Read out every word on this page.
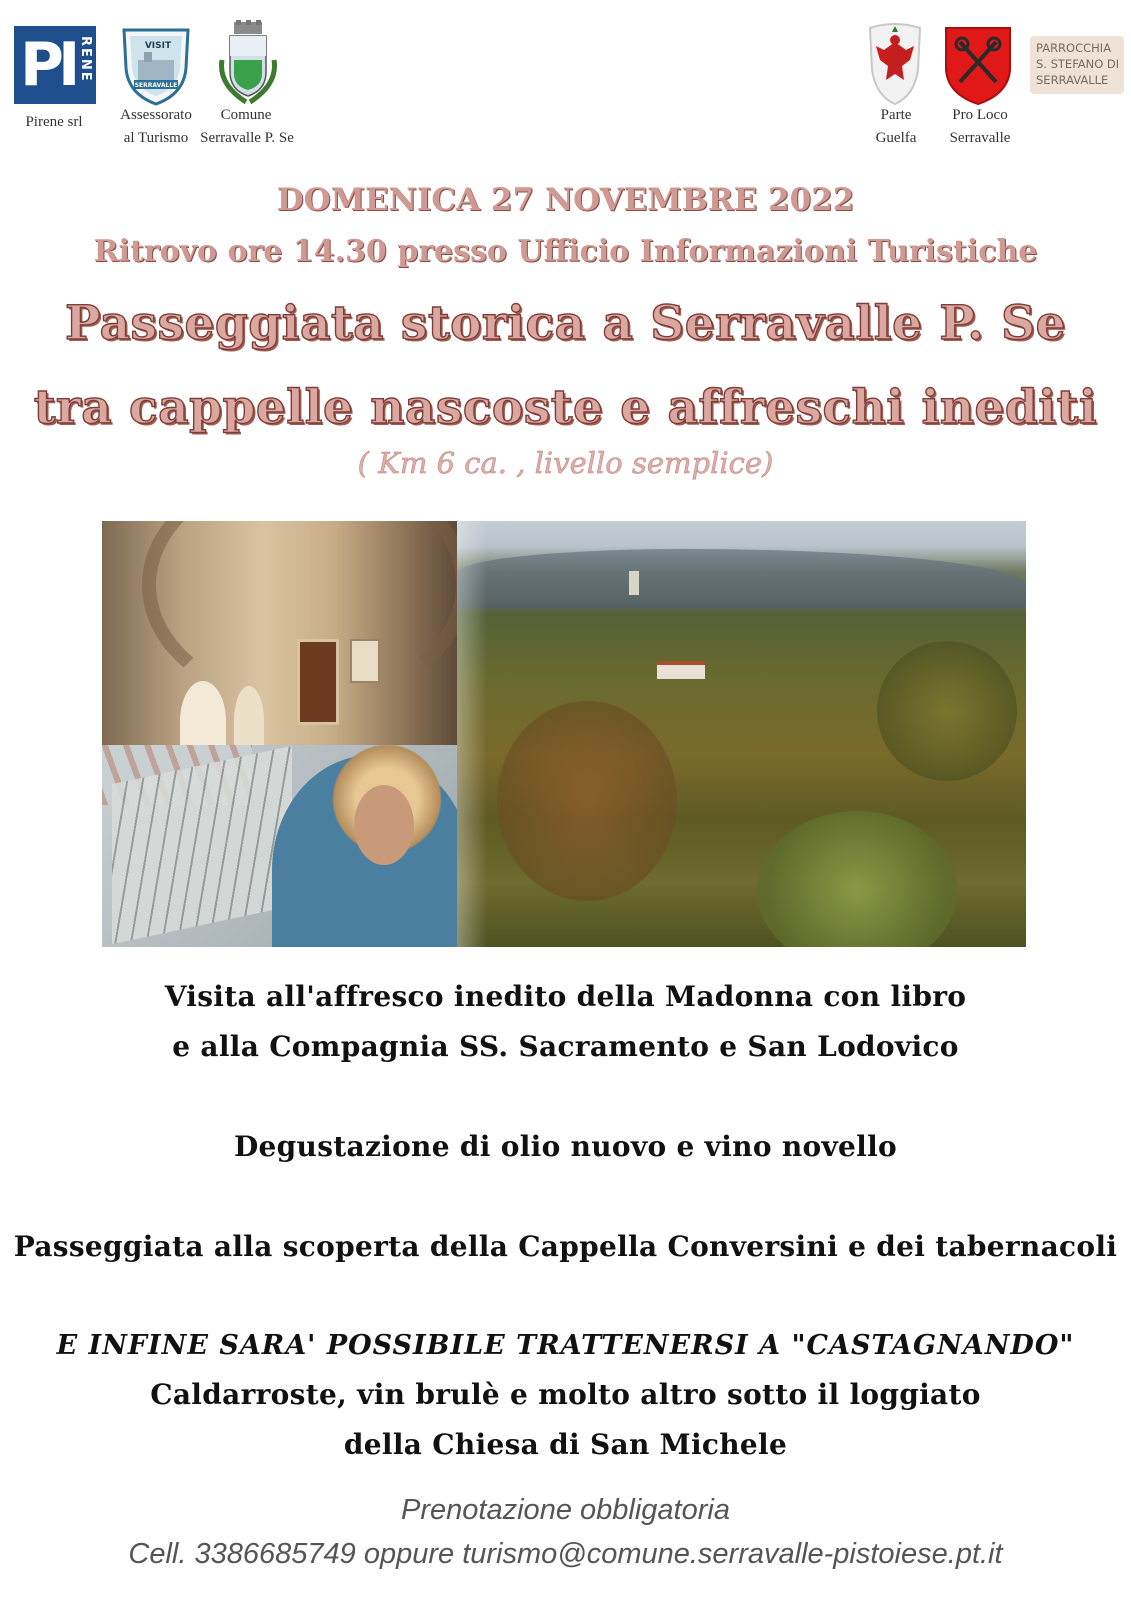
PI RENE
Pirene srl
VISIT
SERRAVALLE
Assessorato
al Turismo
Comune
Serravalle P. Se
Parte
Guelfa
Pro Loco
Serravalle
PARROCCHIA
S. STEFANO DI
SERRAVALLE
DOMENICA 27 NOVEMBRE 2022
Ritrovo ore 14.30 presso Ufficio Informazioni Turistiche
Passeggiata storica a Serravalle P. Se
tra cappelle nascoste e affreschi inediti
( Km 6 ca. , livello semplice)
Visita all'affresco inedito della Madonna con libro
e alla Compagnia SS. Sacramento e San Lodovico
Degustazione di olio nuovo e vino novello
Passeggiata alla scoperta della Cappella Conversini e dei tabernacoli
E INFINE SARA' POSSIBILE TRATTENERSI A "CASTAGNANDO"
Caldarroste, vin brulè e molto altro sotto il loggiato
della Chiesa di San Michele
Prenotazione obbligatoria
Cell. 3386685749 oppure turismo@comune.serravalle-pistoiese.pt.it
